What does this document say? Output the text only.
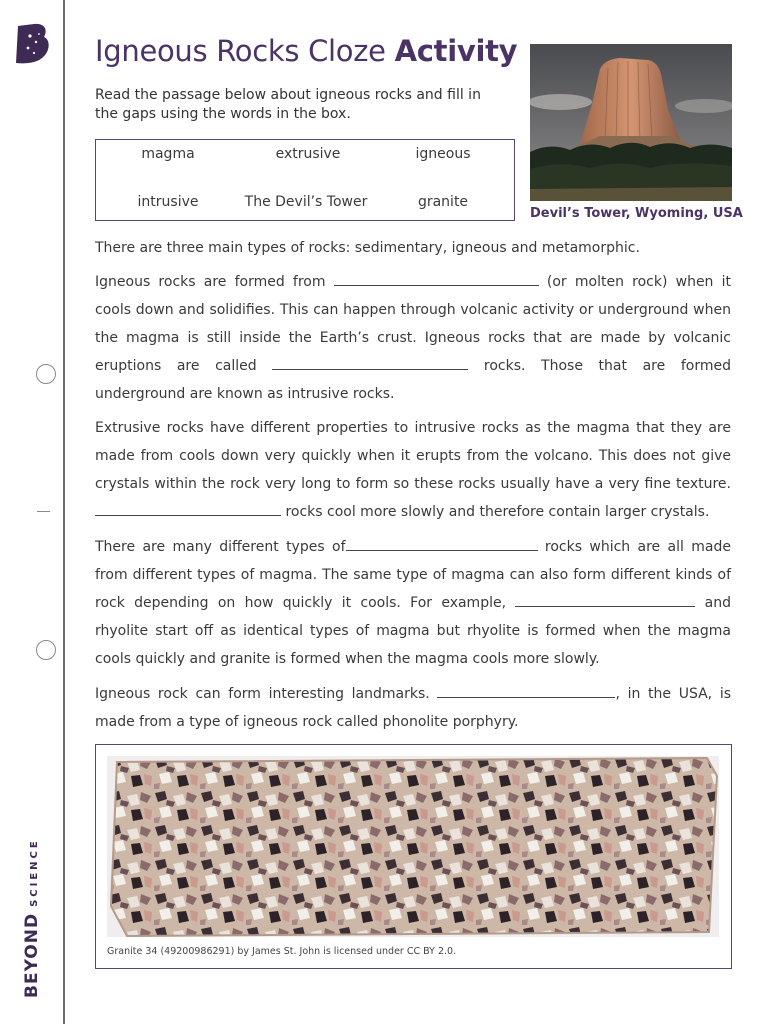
BEYONDSCIENCE
Igneous Rocks Cloze Activity
Read the passage below about igneous rocks and fill in the gaps using the words in the box.
magma	extrusive	igneous
intrusive	The Devil’s Tower	granite
Devil’s Tower, Wyoming, USA
There are three main types of rocks: sedimentary, igneous and metamorphic.
Igneous rocks are formed from	(or molten rock) when it cools down and solidifies. This can happen through volcanic activity or underground when the magma is still inside the Earth’s crust. Igneous rocks that are made by volcanic eruptions are called	rocks. Those that are formed underground are known as intrusive rocks.
Extrusive rocks have different properties to intrusive rocks as the magma that they are made from cools down very quickly when it erupts from the volcano. This does not give crystals within the rock very long to form so these rocks usually have a very fine texture.  rocks cool more slowly and therefore contain larger crystals.
There are many different types of	rocks which are all made from different types of magma. The same type of magma can also form different kinds of rock depending on how quickly it cools. For example,	and rhyolite start off as identical types of magma but rhyolite is formed when the magma cools quickly and granite is formed when the magma cools more slowly.
Igneous rock can form interesting landmarks.	, in the USA, is made from a type of igneous rock called phonolite porphyry.
Granite 34 (49200986291) by James St. John is licensed under CC BY 2.0.
